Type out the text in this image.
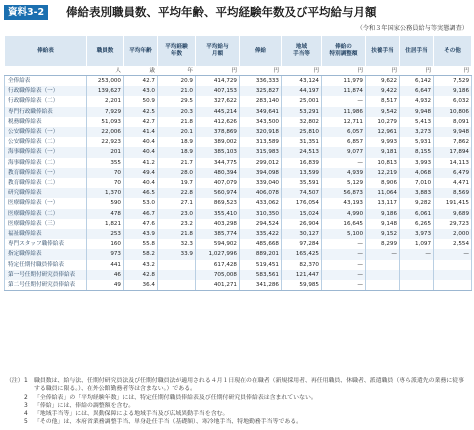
資料3-2	俸給表別職員数、平均年齢、平均経験年数及び平均給与月額
（令和３年国家公務員給与等実態調査）
俸給表	職員数	平均年齢	平均経験
年数	平均給与
月額	俸給	地域
手当等	俸給の
特別調整額	扶養手当	住居手当	その他
	人	歳	年	円	円	円	円	円	円	円
全俸給表	253,000	42.7	20.9	414,729	336,333	43,124	11,979	9,622	6,142	7,529
行政職俸給表（一）	139,627	43.0	21.0	407,153	325,827	44,197	11,874	9,422	6,647	9,186
行政職俸給表（二）	2,201	50.9	29.5	327,622	283,140	25,001	—	8,517	4,932	6,032
専門行政職俸給表	7,929	42.5	20.3	445,214	349,641	53,291	11,986	9,542	9,948	10,806
税務職俸給表	51,093	42.7	21.8	412,626	343,500	32,802	12,711	10,279	5,413	8,091
公安職俸給表（一）	22,006	41.4	20.1	378,869	320,918	25,810	6,057	12,961	3,273	9,948
公安職俸給表（二）	22,923	40.4	18.9	389,002	313,589	31,351	6,857	9,993	5,931	7,862
海事職俸給表（一）	201	40.4	18.9	385,103	315,983	24,513	9,077	9,181	8,155	17,894
海事職俸給表（二）	355	41.2	21.7	344,775	299,012	16,839	—	10,813	3,993	14,113
教育職俸給表（一）	70	49.4	28.0	480,394	394,098	13,599	4,939	12,219	4,068	6,479
教育職俸給表（二）	70	40.4	19.7	407,079	339,040	35,591	5,129	8,906	7,010	4,471
研究職俸給表	1,370	46.5	22.8	560,974	406,078	74,507	56,873	11,064	3,883	8,569
医療職俸給表（一）	590	53.0	27.1	869,523	433,062	176,054	43,193	13,117	9,282	191,415
医療職俸給表（二）	478	46.7	23.0	355,410	310,350	15,024	4,990	9,186	6,061	9,689
医療職俸給表（三）	1,821	47.6	23.2	403,298	294,524	26,904	16,645	9,148	6,265	29,723
福祉職俸給表	253	43.9	21.8	385,774	335,422	30,127	5,100	9,152	3,973	2,000
専門スタッフ職俸給表	160	55.8	32.3	594,902	485,668	97,284	—	8,299	1,097	2,554
指定職俸給表	973	58.2	33.9	1,027,996	889,201	165,425	—	—	—	—
特定任期付職員俸給表	441	43.2		617,428	519,451	82,370	—			
第一号任期付研究員俸給表	46	42.8		705,008	583,561	121,447	—			
第二号任期付研究員俸給表	49	36.4		401,271	341,286	59,985	—			
（注） 1	職員数は、給与法、任期付研究員法及び任期付職員法が適用される４月１日現在の在職者（新規採用者、再任用職員、休職者、派遣職員（専ら派遣先の業務に従事する職員に限る。）、在外公館勤務者等は含まない。）である。
2	「全俸給表」の「平均経験年数」には、特定任期付職員俸給表及び任期付研究員俸給表は含まれていない。
3	「俸給」には、俸給の調整額を含む。
4	「地域手当等」には、異動保障による地域手当及び広域異動手当を含む。
5	「その他」は、本府省業務調整手当、単身赴任手当（基礎額）、寒冷地手当、特地勤務手当等である。
